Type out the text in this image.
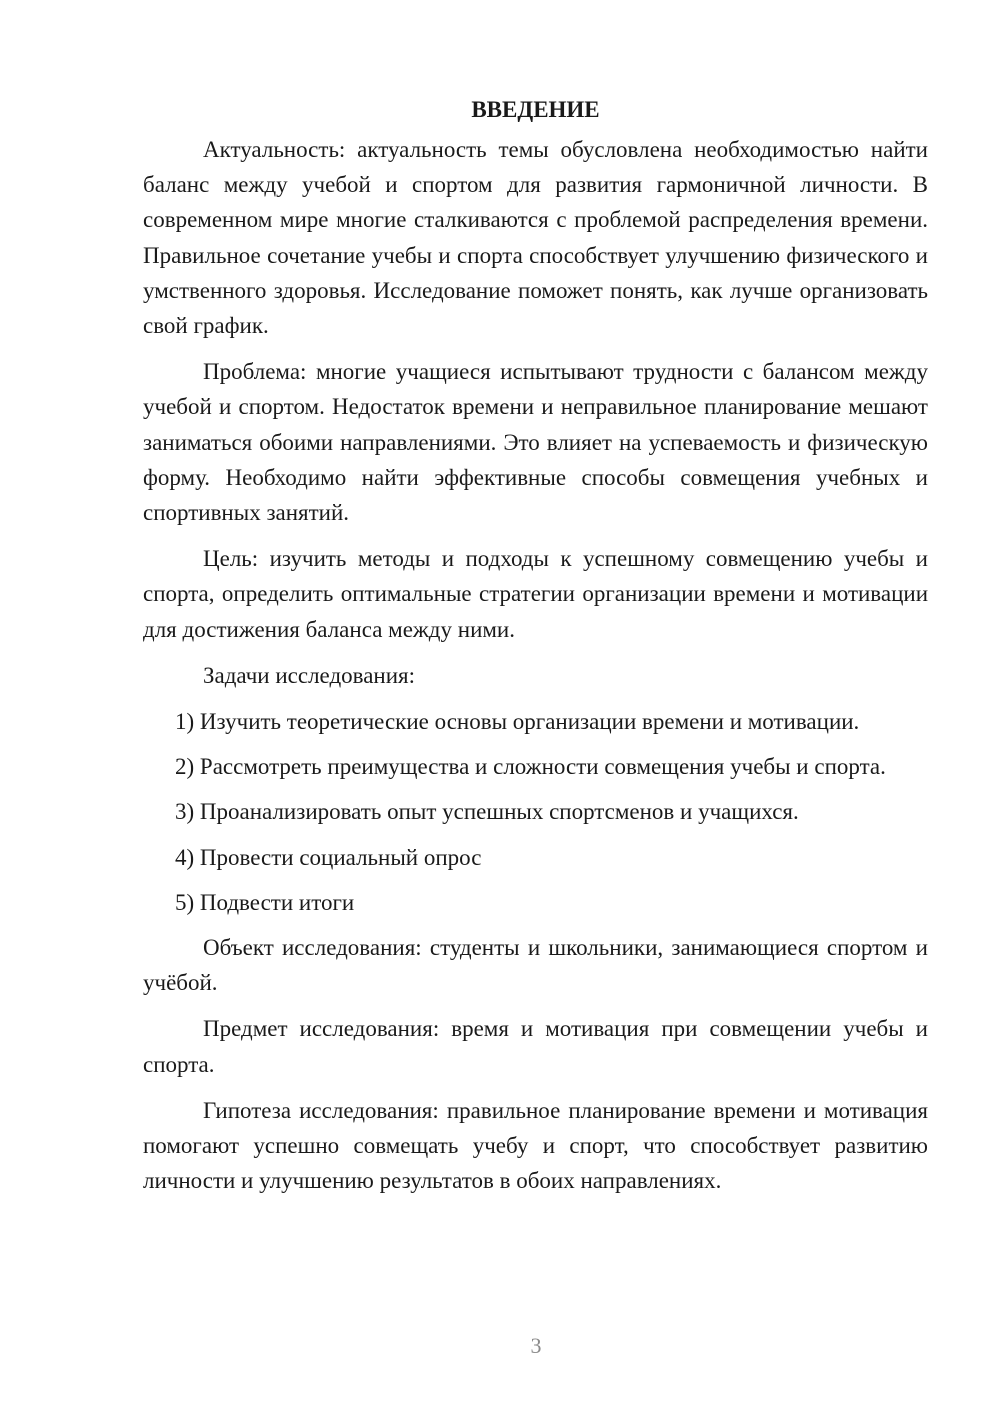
ВВЕДЕНИЕ

Актуальность: актуальность темы обусловлена необходимостью найти баланс между учебой и спортом для развития гармоничной личности. В современном мире многие сталкиваются с проблемой распределения времени. Правильное сочетание учебы и спорта способствует улучшению физического и умственного здоровья. Исследование поможет понять, как лучше организовать свой график.

Проблема: многие учащиеся испытывают трудности с балансом между учебой и спортом. Недостаток времени и неправильное планирование мешают заниматься обоими направлениями. Это влияет на успеваемость и физическую форму. Необходимо найти эффективные способы совмещения учебных и спортивных занятий.

Цель: изучить методы и подходы к успешному совмещению учебы и спорта, определить оптимальные стратегии организации времени и мотивации для достижения баланса между ними.

Задачи исследования:

1) Изучить теоретические основы организации времени и мотивации.

2) Рассмотреть преимущества и сложности совмещения учебы и спорта.

3) Проанализировать опыт успешных спортсменов и учащихся.

4) Провести социальный опрос

5) Подвести итоги

Объект исследования: студенты и школьники, занимающиеся спортом и учёбой.

Предмет исследования: время и мотивация при совмещении учебы и спорта.

Гипотеза исследования: правильное планирование времени и мотивация помогают успешно совмещать учебу и спорт, что способствует развитию личности и улучшению результатов в обоих направлениях.

3
